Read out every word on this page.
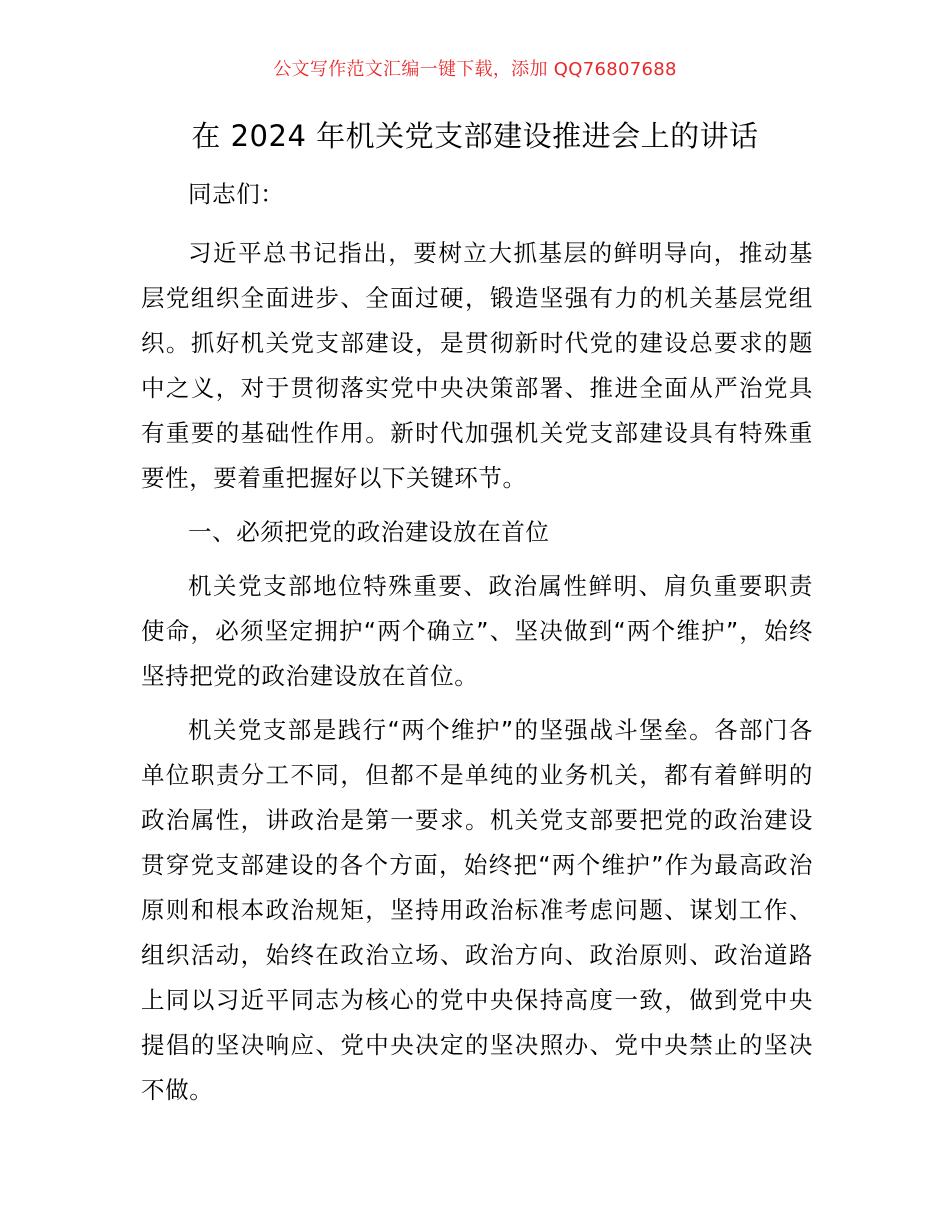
公文写作范文汇编一键下载，添加 QQ76807688
在 2024 年机关党支部建设推进会上的讲话

同志们：

习近平总书记指出，要树立大抓基层的鲜明导向，推动基层党组织全面进步、全面过硬，锻造坚强有力的机关基层党组织。抓好机关党支部建设，是贯彻新时代党的建设总要求的题中之义，对于贯彻落实党中央决策部署、推进全面从严治党具有重要的基础性作用。新时代加强机关党支部建设具有特殊重要性，要着重把握好以下关键环节。

一、必须把党的政治建设放在首位

机关党支部地位特殊重要、政治属性鲜明、肩负重要职责使命，必须坚定拥护“两个确立”、坚决做到“两个维护”，始终坚持把党的政治建设放在首位。

机关党支部是践行“两个维护”的坚强战斗堡垒。各部门各单位职责分工不同，但都不是单纯的业务机关，都有着鲜明的政治属性，讲政治是第一要求。机关党支部要把党的政治建设贯穿党支部建设的各个方面，始终把“两个维护”作为最高政治原则和根本政治规矩，坚持用政治标准考虑问题、谋划工作、组织活动，始终在政治立场、政治方向、政治原则、政治道路上同以习近平同志为核心的党中央保持高度一致，做到党中央提倡的坚决响应、党中央决定的坚决照办、党中央禁止的坚决不做。
